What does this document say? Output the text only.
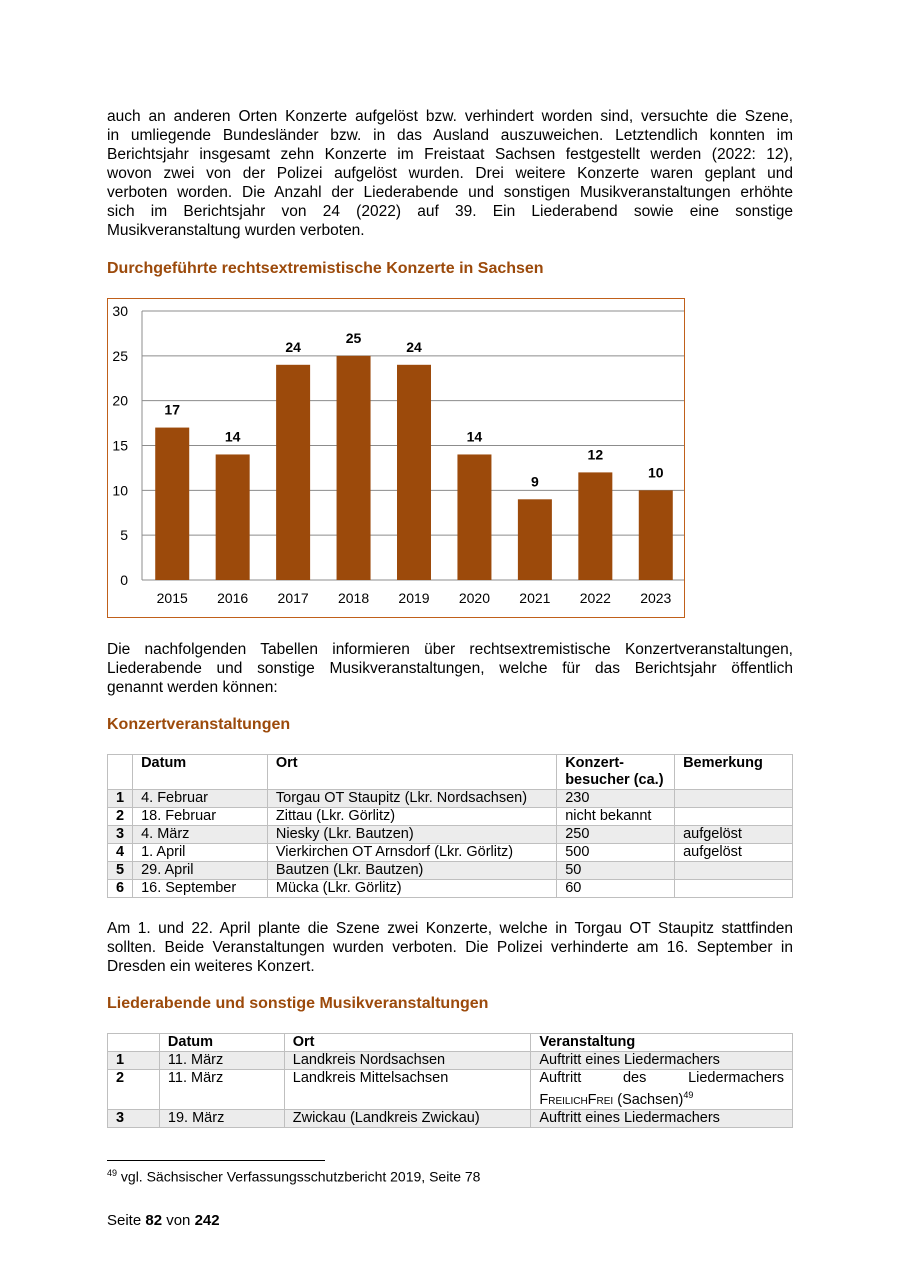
auch an anderen Orten Konzerte aufgelöst bzw. verhindert worden sind, versuchte die Szene,
in umliegende Bundesländer bzw. in das Ausland auszuweichen. Letztendlich konnten im
Berichtsjahr insgesamt zehn Konzerte im Freistaat Sachsen festgestellt werden (2022: 12),
wovon zwei von der Polizei aufgelöst wurden. Drei weitere Konzerte waren geplant und
verboten worden. Die Anzahl der Liederabende und sonstigen Musikveranstaltungen erhöhte
sich im Berichtsjahr von 24 (2022) auf 39. Ein Liederabend sowie eine sonstige
Musikveranstaltung wurden verboten.
Durchgeführte rechtsextremistische Konzerte in Sachsen
0
5
10
15
20
25
30
17
2015
14
2016
24
2017
25
2018
24
2019
14
2020
9
2021
12
2022
10
2023
Die nachfolgenden Tabellen informieren über rechtsextremistische Konzertveranstaltungen,
Liederabende und sonstige Musikveranstaltungen, welche für das Berichtsjahr öffentlich
genannt werden können:
Konzertveranstaltungen
	Datum	Ort	Konzert-
besucher (ca.)	Bemerkung
1	4. Februar	Torgau OT Staupitz (Lkr. Nordsachsen)	230	
2	18. Februar	Zittau (Lkr. Görlitz)	nicht bekannt	
3	4. März	Niesky (Lkr. Bautzen)	250	aufgelöst
4	1. April	Vierkirchen OT Arnsdorf (Lkr. Görlitz)	500	aufgelöst
5	29. April	Bautzen (Lkr. Bautzen)	50	
6	16. September	Mücka (Lkr. Görlitz)	60	
Am 1. und 22. April plante die Szene zwei Konzerte, welche in Torgau OT Staupitz stattfinden
sollten. Beide Veranstaltungen wurden verboten. Die Polizei verhinderte am 16. September in
Dresden ein weiteres Konzert.
Liederabende und sonstige Musikveranstaltungen
	Datum	Ort	Veranstaltung
1	11. März	Landkreis Nordsachsen	Auftritt eines Liedermachers
2	11. März	Landkreis Mittelsachsen	Auftritt des Liedermachers
FreilichFrei (Sachsen)$^{49}$

3	19. März	Zwickau (Landkreis Zwickau)	Auftritt eines Liedermachers
$^{49}$ vgl. Sächsischer Verfassungsschutzbericht 2019, Seite 78
Seite 82 von 242
